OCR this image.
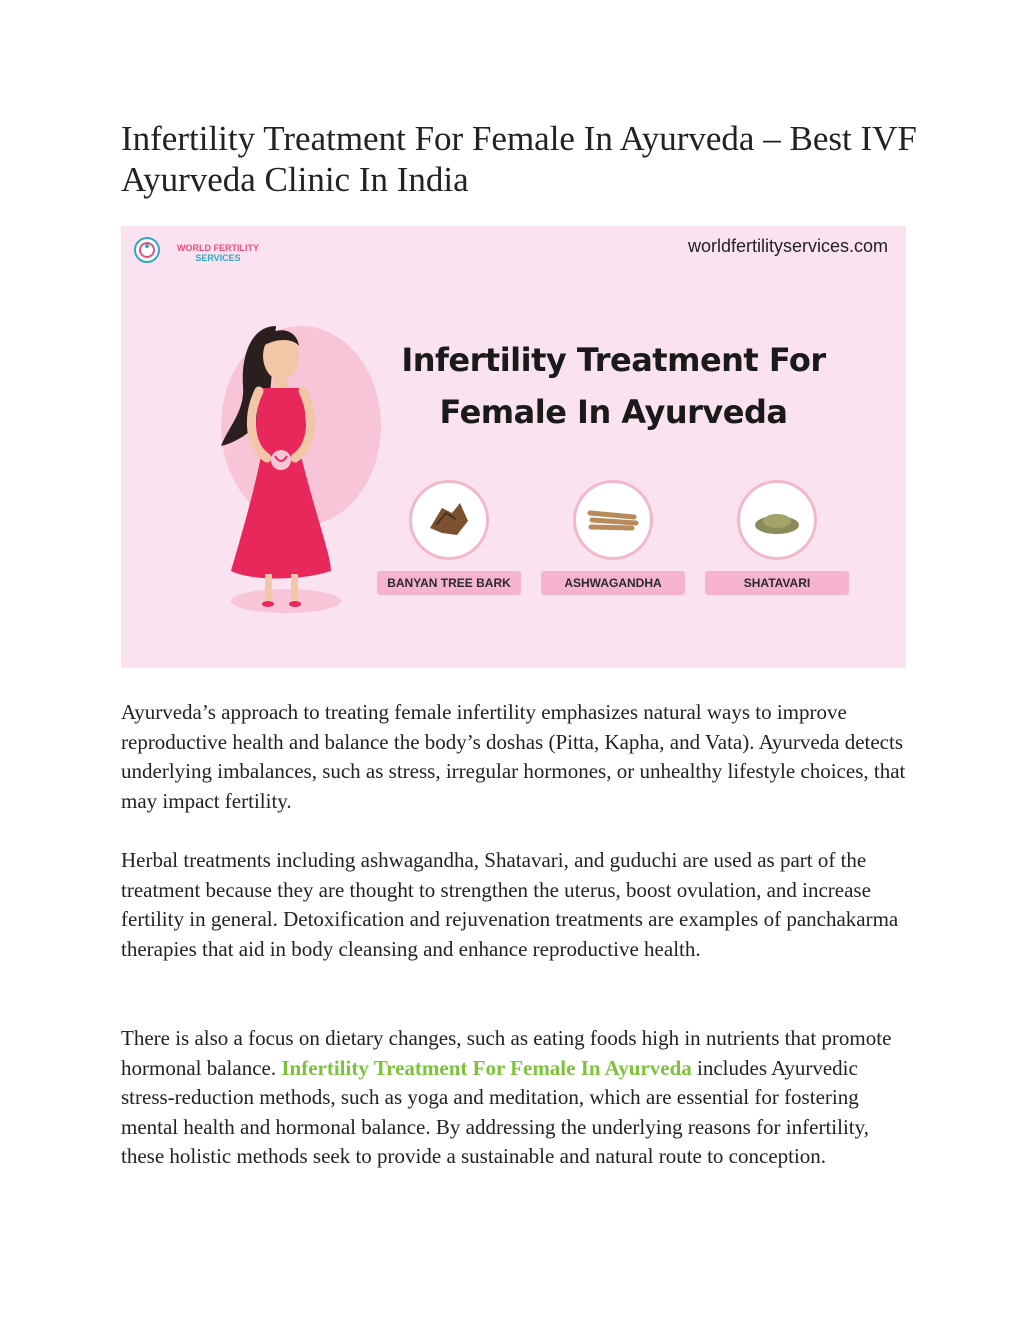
Infertility Treatment For Female In Ayurveda – Best IVF Ayurveda Clinic In India
WORLD FERTILITY
SERVICES
worldfertilityservices.com
Infertility Treatment For
Female In Ayurveda
BANYAN TREE BARK	ASHWAGANDHA	SHATAVARI

Ayurveda’s approach to treating female infertility emphasizes natural ways to improve reproductive health and balance the body’s doshas (Pitta, Kapha, and Vata). Ayurveda detects underlying imbalances, such as stress, irregular hormones, or unhealthy lifestyle choices, that may impact fertility.

Herbal treatments including ashwagandha, Shatavari, and guduchi are used as part of the treatment because they are thought to strengthen the uterus, boost ovulation, and increase fertility in general. Detoxification and rejuvenation treatments are examples of panchakarma therapies that aid in body cleansing and enhance reproductive health.

There is also a focus on dietary changes, such as eating foods high in nutrients that promote hormonal balance. Infertility Treatment For Female In Ayurveda includes Ayurvedic stress-reduction methods, such as yoga and meditation, which are essential for fostering mental health and hormonal balance. By addressing the underlying reasons for infertility, these holistic methods seek to provide a sustainable and natural route to conception.
